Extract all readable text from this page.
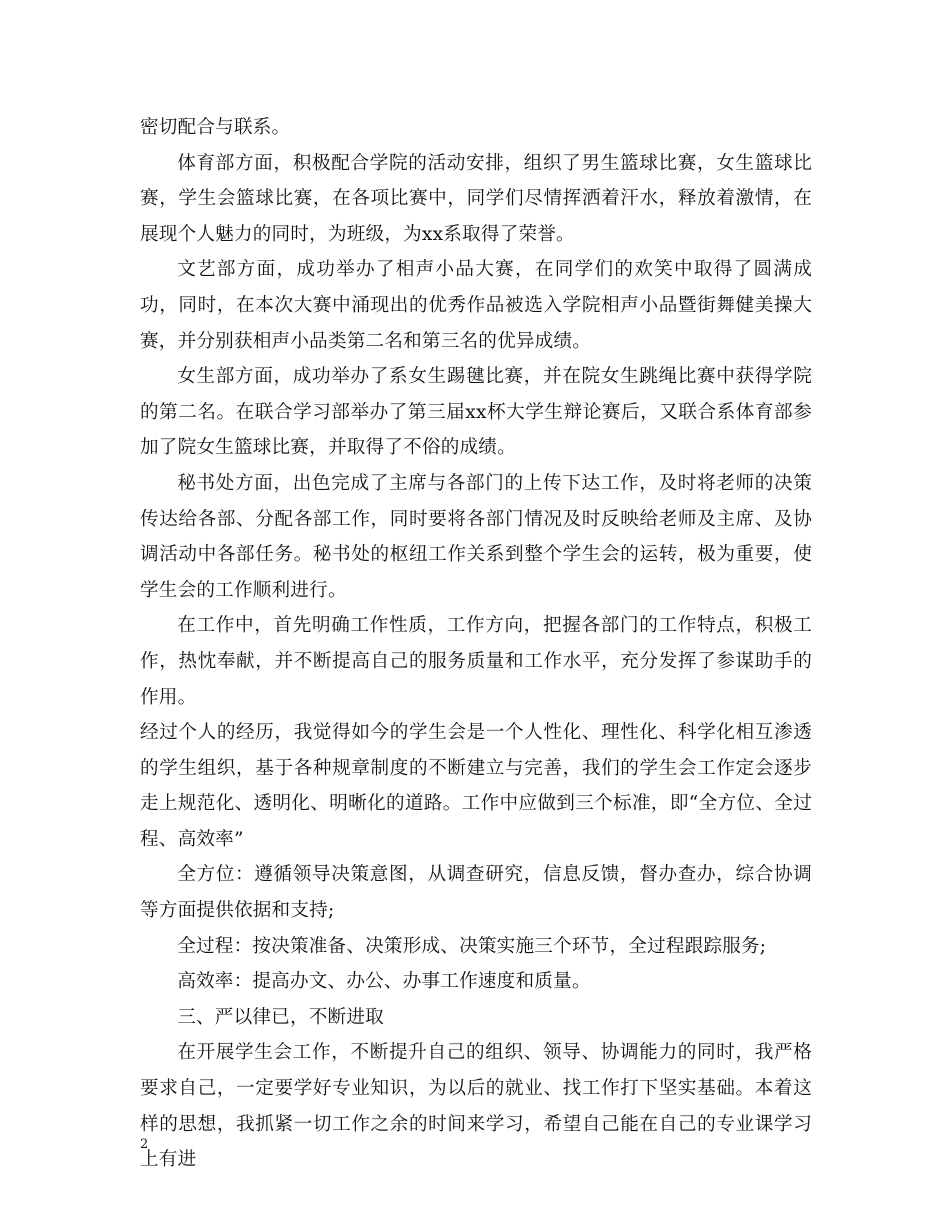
密切配合与联系。

体育部方面，积极配合学院的活动安排，组织了男生篮球比赛，女生篮球比赛，学生会篮球比赛，在各项比赛中，同学们尽情挥洒着汗水，释放着激情，在展现个人魅力的同时，为班级，为xx系取得了荣誉。

文艺部方面，成功举办了相声小品大赛，在同学们的欢笑中取得了圆满成功，同时，在本次大赛中涌现出的优秀作品被选入学院相声小品暨街舞健美操大赛，并分别获相声小品类第二名和第三名的优异成绩。

女生部方面，成功举办了系女生踢毽比赛，并在院女生跳绳比赛中获得学院的第二名。在联合学习部举办了第三届xx杯大学生辩论赛后，又联合系体育部参加了院女生篮球比赛，并取得了不俗的成绩。

秘书处方面，出色完成了主席与各部门的上传下达工作，及时将老师的决策传达给各部、分配各部工作，同时要将各部门情况及时反映给老师及主席、及协调活动中各部任务。秘书处的枢纽工作关系到整个学生会的运转，极为重要，使学生会的工作顺利进行。

在工作中，首先明确工作性质，工作方向，把握各部门的工作特点，积极工作，热忱奉献，并不断提高自己的服务质量和工作水平，充分发挥了参谋助手的作用。

经过个人的经历，我觉得如今的学生会是一个人性化、理性化、科学化相互渗透的学生组织，基于各种规章制度的不断建立与完善，我们的学生会工作定会逐步走上规范化、透明化、明晰化的道路。工作中应做到三个标准，即“全方位、全过程、高效率”

全方位：遵循领导决策意图，从调查研究，信息反馈，督办查办，综合协调等方面提供依据和支持;

全过程：按决策准备、决策形成、决策实施三个环节，全过程跟踪服务;

高效率：提高办文、办公、办事工作速度和质量。

三、严以律已，不断进取

在开展学生会工作，不断提升自己的组织、领导、协调能力的同时，我严格要求自己，一定要学好专业知识，为以后的就业、找工作打下坚实基础。本着这样的思想，我抓紧一切工作之余的时间来学习，希望自己能在自己的专业课学习上有进

2
